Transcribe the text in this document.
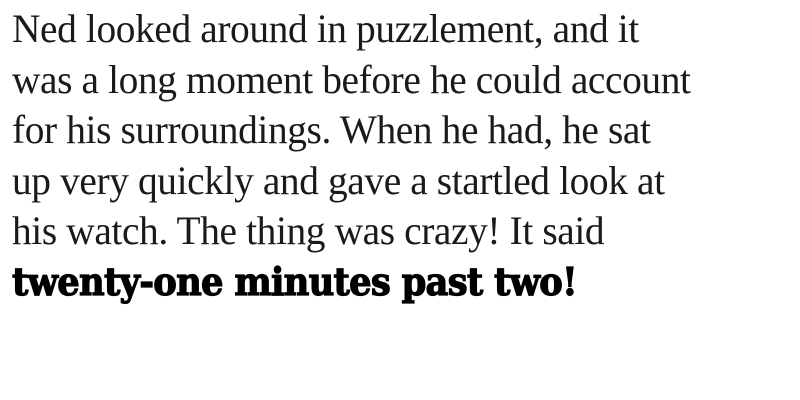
Ned looked around in puzzlement, and it
was a long moment before he could account
for his surroundings. When he had, he sat
up very quickly and gave a startled look at
his watch. The thing was crazy! It said
twenty-one minutes past two!
